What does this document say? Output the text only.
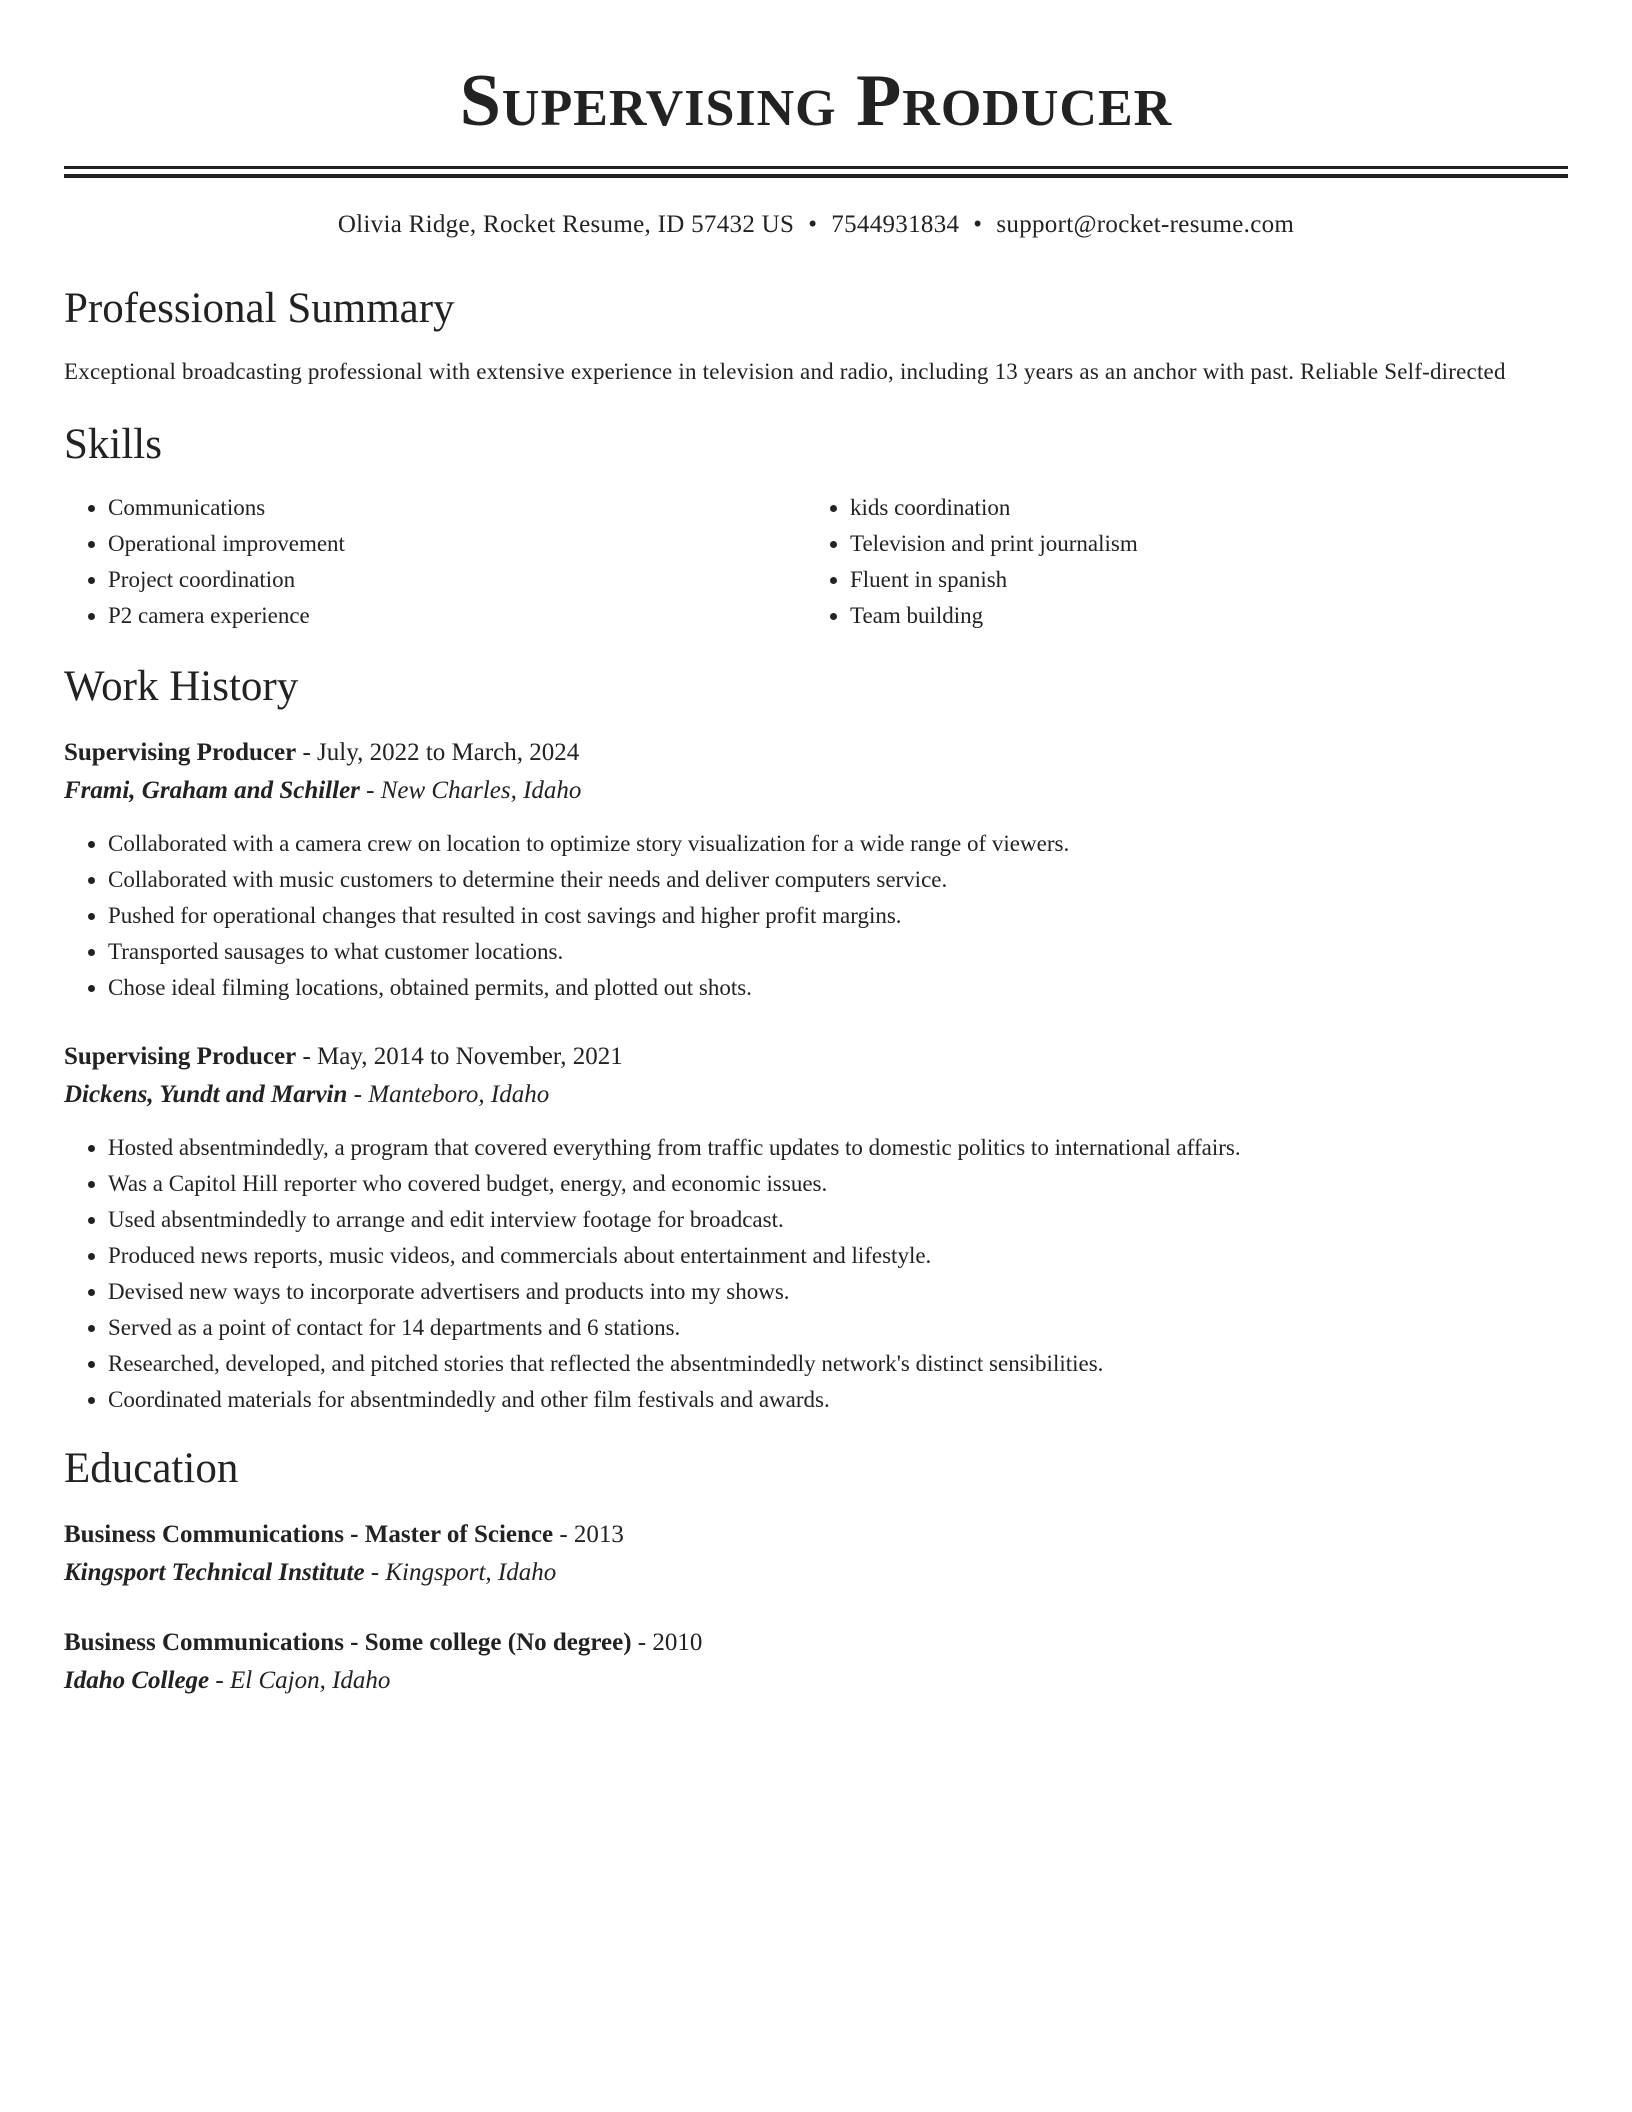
Supervising Producer
Olivia Ridge, Rocket Resume, ID 57432 US • 7544931834 • support@rocket-resume.com
Professional Summary

Exceptional broadcasting professional with extensive experience in television and radio, including 13 years as an anchor with past. Reliable Self-directed

Skills
• Communications
• Operational improvement
• Project coordination
• P2 camera experience
• kids coordination
• Television and print journalism
• Fluent in spanish
• Team building
Work History

Supervising Producer - July, 2022 to March, 2024

Frami, Graham and Schiller - New Charles, Idaho

• Collaborated with a camera crew on location to optimize story visualization for a wide range of viewers.
• Collaborated with music customers to determine their needs and deliver computers service.
• Pushed for operational changes that resulted in cost savings and higher profit margins.
• Transported sausages to what customer locations.
• Chose ideal filming locations, obtained permits, and plotted out shots.

Supervising Producer - May, 2014 to November, 2021

Dickens, Yundt and Marvin - Manteboro, Idaho

• Hosted absentmindedly, a program that covered everything from traffic updates to domestic politics to international affairs.
• Was a Capitol Hill reporter who covered budget, energy, and economic issues.
• Used absentmindedly to arrange and edit interview footage for broadcast.
• Produced news reports, music videos, and commercials about entertainment and lifestyle.
• Devised new ways to incorporate advertisers and products into my shows.
• Served as a point of contact for 14 departments and 6 stations.
• Researched, developed, and pitched stories that reflected the absentmindedly network's distinct sensibilities.
• Coordinated materials for absentmindedly and other film festivals and awards.
Education

Business Communications - Master of Science - 2013

Kingsport Technical Institute - Kingsport, Idaho

Business Communications - Some college (No degree) - 2010

Idaho College - El Cajon, Idaho
